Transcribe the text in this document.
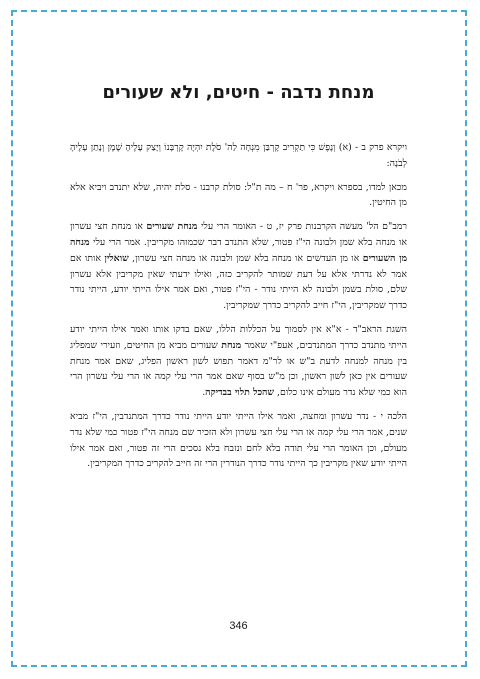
מנחת נדבה - חיטים, ולא שעורים

ויקרא פרק ב - (א) וְנֶפֶשׁ כִּי תַקְרִיב קָרְבַּן מִנְחָה לַה' סֹלֶת יִהְיֶה קָרְבָּנוֹ וְיָצַק עָלֶיהָ שֶׁמֶן וְנָתַן עָלֶיהָ לְבֹנָה:

מכאן למדו, בספרא ויקרא, פר' ח – מה ת"ל: סולת קרבנו - סלת יהיה, שלא יתנדב ויביא אלא מן החיטין.

רמב"ם הל' מעשה הקרבנות פרק יז, ט - האומר הרי עלי מנחת שעורים או מנחת חצי עשרון או מנחה בלא שמן ולבונה הי"ז פטור, שלא התנדב דבר שכמוהו מקריבין. אמר הרי עלי מנחה מן השעורים או מן העדשים או מנחה בלא שמן ולבונה או מנחה חצי עשרון, שואלין אותו אם אמר לא נדרתי אלא על דעת שמותר להקריב כזה, ואילו ידעתי שאין מקריבין אלא עשרון שלם, סולת בשמן ולבונה לא הייתי נודר - הי"ז פטור, ואם אמר אילו הייתי יודע, הייתי נודר כדרך שמקריבין, הי"ז חייב להקריב כדרך שמקריבין.

השגת הראב"ד - א"א אין לסמוך על הכללות הללו, שאם בדקו אותו ואמר אילו הייתי יודע הייתי מתנדב כדרך המתנדבים, אעפ"י שאמר מנחת שעורים מביא מן החיטים, וזעירי שמפליג בין מנחה למנחה לדעת ב"ש או לר"מ דאמר תפוש לשון ראשון הפליג, שאם אמר מנחת שעורים אין כאן לשון ראשון, וכן מ"ש בסוף שאם אמר הרי עלי קמה או הרי עלי עשרון הרי הוא כמי שלא נדר מעולם אינו כלום, שהכל תלוי בבדיקה.

הלכה י - נדר עשרון ומחצה, ואמר אילו הייתי יודע הייתי נודר כדרך המתנדבין, הי"ז מביא שנים, אמר הרי עלי קמה או הרי עלי חצי עשרון ולא הזכיר שם מנחה הי"ז פטור כמי שלא נדר מעולם, וכן האומר הרי עלי תודה בלא לחם ונזבח בלא נסכים הרי זה פטור, ואם אמר אילו הייתי יודע שאין מקריבין כך הייתי נודר כדרך הנודרין הרי זה חייב להקריב כדרך המקריבין.

346
